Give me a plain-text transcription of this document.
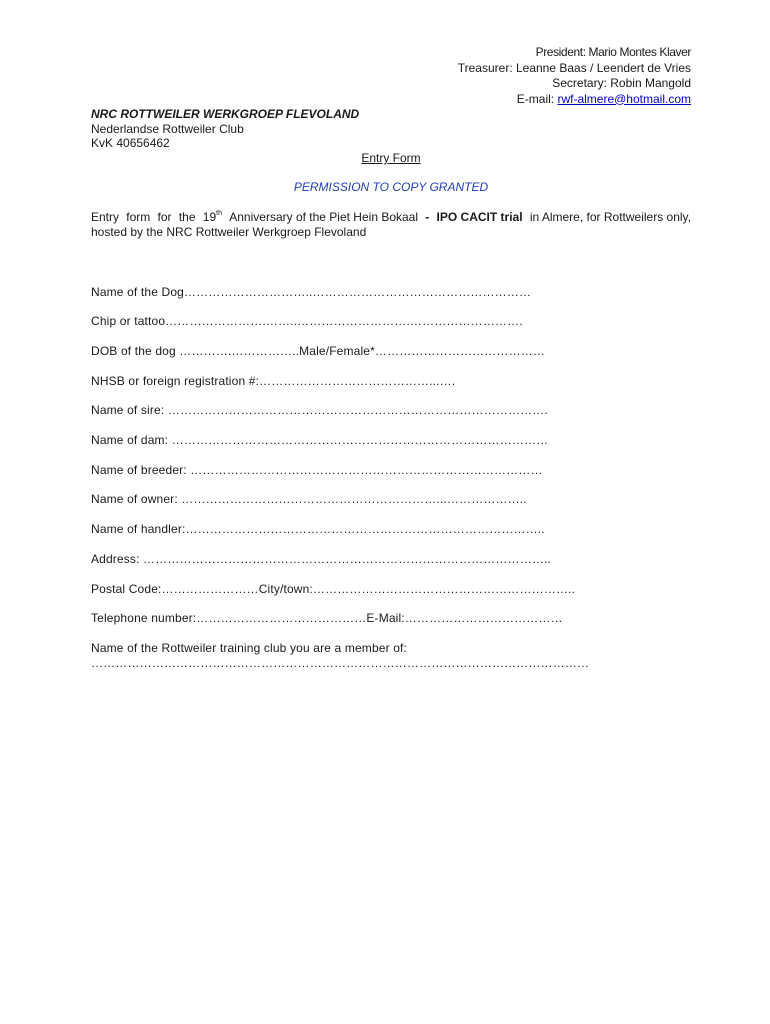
President: Mario Montes Klaver
Treasurer: Leanne Baas / Leendert de Vries
Secretary: Robin Mangold
E-mail: rwf-almere@hotmail.com
NRC ROTTWEILER WERKGROEP FLEVOLAND
Nederlandse Rottweiler Club
KvK 40656462
Entry Form
PERMISSION TO COPY GRANTED
Entry form for the 19th Anniversary of the Piet Hein Bokaal - IPO CACIT trial in Almere, for Rottweilers only,
hosted by the NRC Rottweiler Werkgroep Flevoland
Name of the Dog…………………………..………………………………………………
Chip or tattoo…………………….……..……………………….……………………….
DOB of the dog ………….……………..Male/Female*……………………………………
NHSB or foreign registration #:……………………………………...….
Name of sire: ………………………………………………………………………………….
Name of dam: …………………………………………………………………………………
Name of breeder: ……………………………………………………………………………
Name of owner: ………………………………………………………...………………..
Name of handler:……………………………………………………………………………..
Address: ………………………………………………………………………………………..
Postal Code:……………………City/town:………………………………………………………..
Telephone number:……………………………………E-Mail:…………………………………
Name of the Rottweiler training club you are a member of:
……………………………………………………………………………………………………………
